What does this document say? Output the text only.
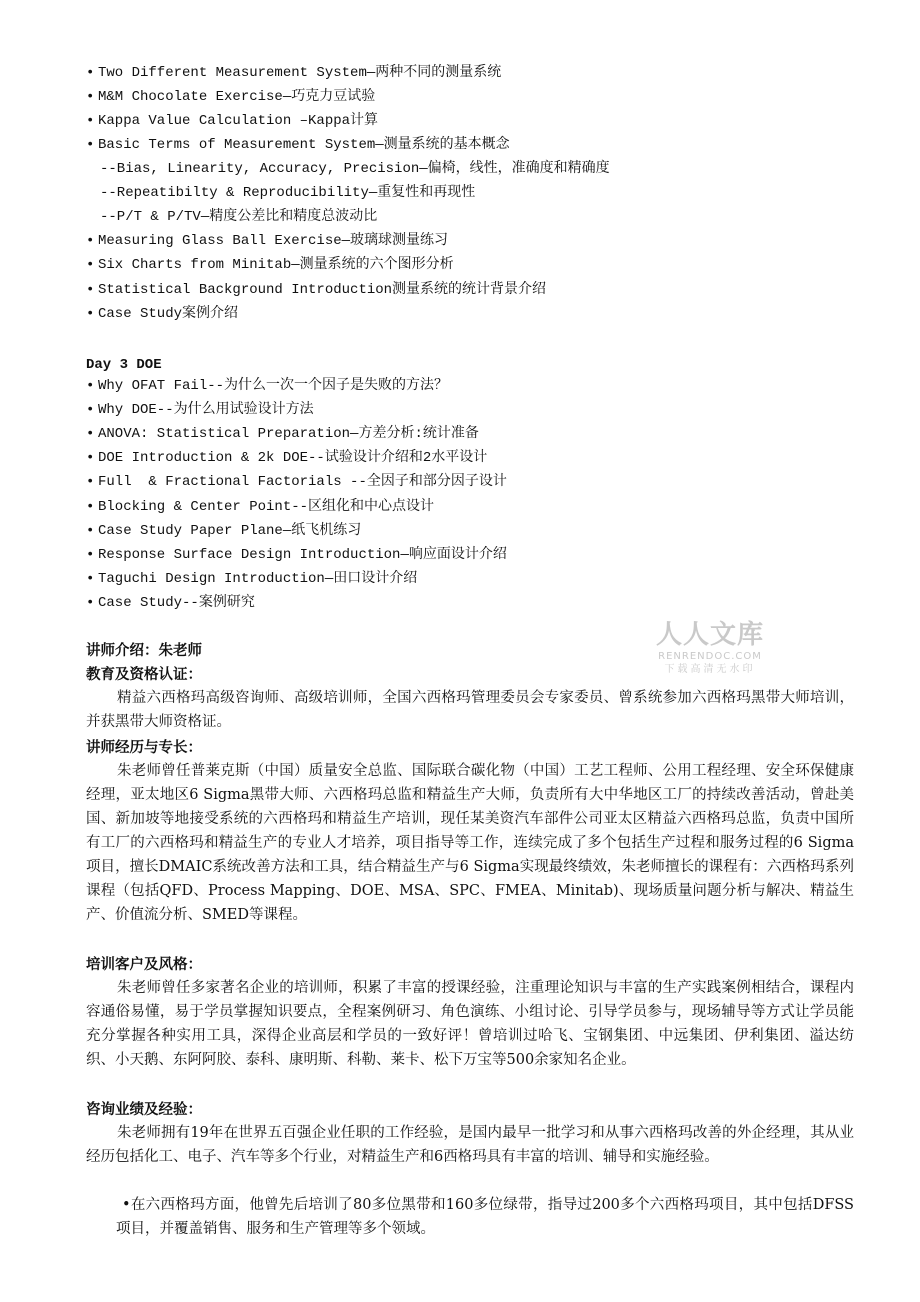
• Two Different Measurement System—两种不同的测量系统
• M&M Chocolate Exercise—巧克力豆试验
• Kappa Value Calculation –Kappa计算
• Basic Terms of Measurement System—测量系统的基本概念
--Bias, Linearity, Accuracy, Precision—偏椅，线性，准确度和精确度
--Repeatibilty & Reproducibility—重复性和再现性
--P/T & P/TV—精度公差比和精度总波动比
• Measuring Glass Ball Exercise—玻璃球测量练习
• Six Charts from Minitab—测量系统的六个图形分析
• Statistical Background Introduction测量系统的统计背景介绍
• Case Study案例介绍
Day 3 DOE
• Why OFAT Fail--为什么一次一个因子是失败的方法？
• Why DOE--为什么用试验设计方法
• ANOVA: Statistical Preparation—方差分析:统计准备
• DOE Introduction & 2k DOE--试验设计介绍和2水平设计
• Full  & Fractional Factorials --全因子和部分因子设计
• Blocking & Center Point--区组化和中心点设计
• Case Study Paper Plane—纸飞机练习
• Response Surface Design Introduction—响应面设计介绍
• Taguchi Design Introduction—田口设计介绍
• Case Study--案例研究
人人文库
RENRENDOC.COM
下载高清无水印
讲师介绍：朱老师
教育及资格认证：
精益六西格玛高级咨询师、高级培训师，全国六西格玛管理委员会专家委员、曾系统参加六西格玛黑带大师培训，并获黑带大师资格证。
讲师经历与专长：
朱老师曾任普莱克斯（中国）质量安全总监、国际联合碳化物（中国）工艺工程师、公用工程经理、安全环保健康经理，亚太地区6 Sigma黑带大师、六西格玛总监和精益生产大师，负责所有大中华地区工厂的持续改善活动，曾赴美国、新加坡等地接受系统的六西格玛和精益生产培训，现任某美资汽车部件公司亚太区精益六西格玛总监，负责中国所有工厂的六西格玛和精益生产的专业人才培养，项目指导等工作，连续完成了多个包括生产过程和服务过程的6 Sigma项目，擅长DMAIC系统改善方法和工具，结合精益生产与6 Sigma实现最终绩效，朱老师擅长的课程有：六西格玛系列课程（包括QFD、Process Mapping、DOE、MSA、SPC、FMEA、Minitab)、现场质量问题分析与解决、精益生产、价值流分析、SMED等课程。
培训客户及风格：
朱老师曾任多家著名企业的培训师，积累了丰富的授课经验，注重理论知识与丰富的生产实践案例相结合，课程内容通俗易懂，易于学员掌握知识要点，全程案例研习、角色演练、小组讨论、引导学员参与，现场辅导等方式让学员能充分掌握各种实用工具，深得企业高层和学员的一致好评！曾培训过哈飞、宝钢集团、中远集团、伊利集团、溢达纺织、小天鹅、东阿阿胶、泰科、康明斯、科勒、莱卡、松下万宝等500余家知名企业。
咨询业绩及经验：
朱老师拥有19年在世界五百强企业任职的工作经验，是国内最早一批学习和从事六西格玛改善的外企经理，其从业经历包括化工、电子、汽车等多个行业，对精益生产和6西格玛具有丰富的培训、辅导和实施经验。
•在六西格玛方面，他曾先后培训了80多位黑带和160多位绿带，指导过200多个六西格玛项目，其中包括DFSS项目，并覆盖销售、服务和生产管理等多个领域。
